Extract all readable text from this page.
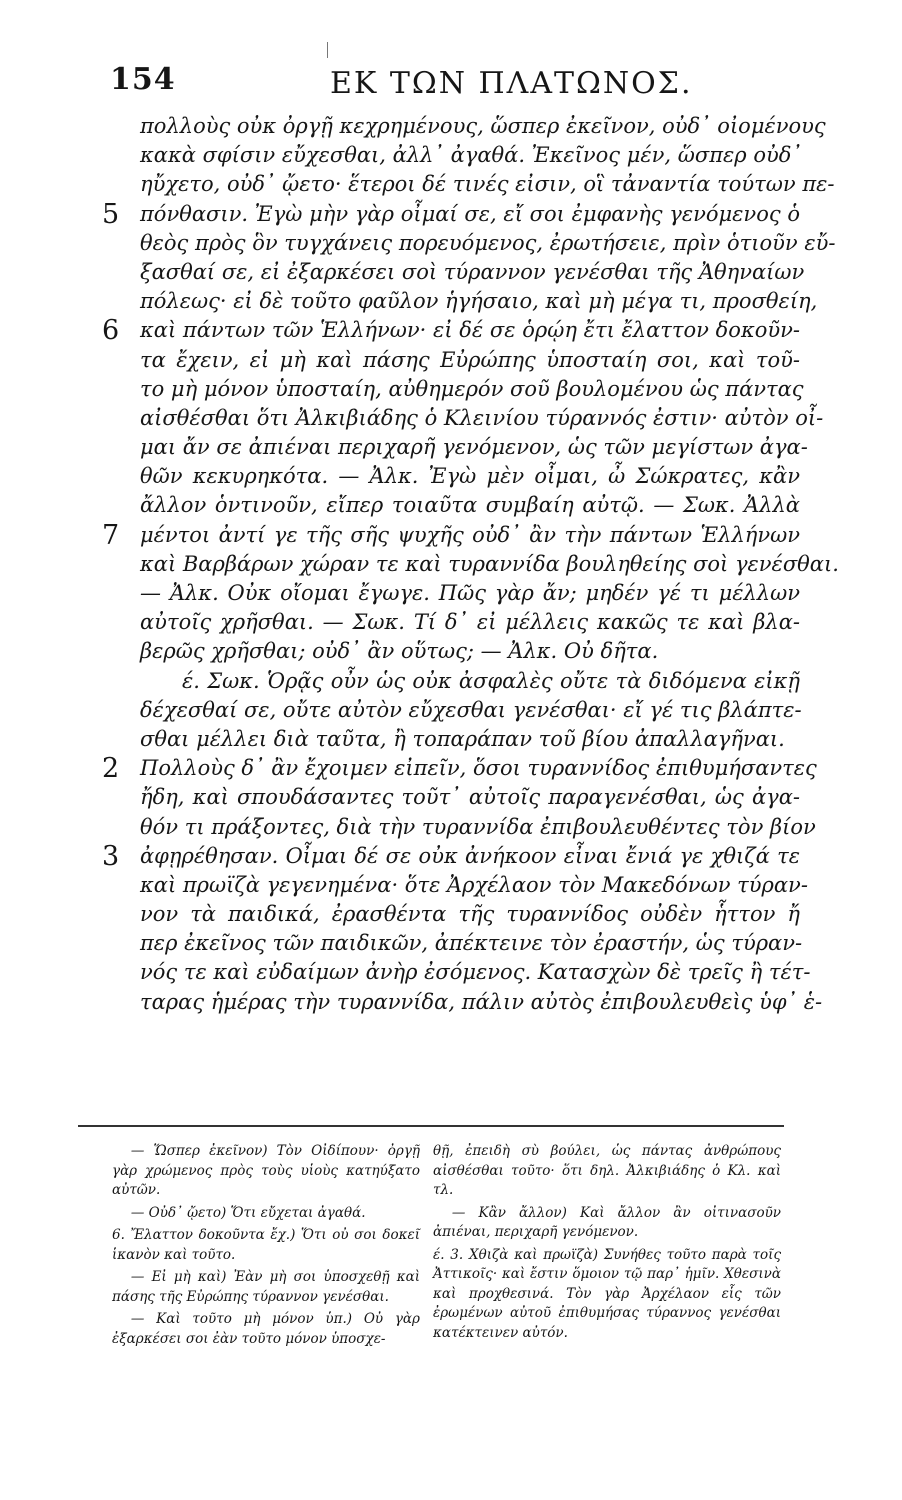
154	ΕΚ ΤΩΝ ΠΛΑΤΩΝΟΣ.
πολλοὺς οὐκ ὀργῇ κεχρημένους, ὥσπερ ἐκεῖνον, οὐδ᾽ οἰομένους
κακὰ σφίσιν εὔχεσθαι, ἀλλ᾽ ἀγαθά. Ἐκεῖνος μέν, ὥσπερ οὐδ᾽
ηὔχετο, οὐδ᾽ ᾤετο· ἕτεροι δέ τινές εἰσιν, οἳ τἀναντία τούτων πε-
5 πόνθασιν. Ἐγὼ μὴν γὰρ οἶμαί σε, εἴ σοι ἐμφανὴς γενόμενος ὁ
θεὸς πρὸς ὃν τυγχάνεις πορευόμενος, ἐρωτήσειε, πρὶν ὁτιοῦν εὔ-
ξασθαί σε, εἰ ἐξαρκέσει σοὶ τύραννον γενέσθαι τῆς Ἀθηναίων
πόλεως· εἰ δὲ τοῦτο φαῦλον ἡγήσαιο, καὶ μὴ μέγα τι, προσθείη,
6 καὶ πάντων τῶν Ἑλλήνων· εἰ δέ σε ὁρῴη ἔτι ἔλαττον δοκοῦν-
τα ἔχειν, εἰ μὴ καὶ πάσης Εὐρώπης ὑποσταίη σοι, καὶ τοῦ-
το μὴ μόνον ὑποσταίη, αὐθημερόν σοῦ βουλομένου ὡς πάντας
αἰσθέσθαι ὅτι Ἀλκιβιάδης ὁ Κλεινίου τύραννός ἐστιν· αὐτὸν οἶ-
μαι ἄν σε ἀπιέναι περιχαρῆ γενόμενον, ὡς τῶν μεγίστων ἀγα-
θῶν κεκυρηκότα. — Ἀλκ. Ἐγὼ μὲν οἶμαι, ὦ Σώκρατες, κἂν
ἄλλον ὁντινοῦν, εἴπερ τοιαῦτα συμβαίη αὐτῷ. — Σωκ. Ἀλλὰ
7 μέντοι ἀντί γε τῆς σῆς ψυχῆς οὐδ᾽ ἂν τὴν πάντων Ἑλλήνων
καὶ Βαρβάρων χώραν τε καὶ τυραννίδα βουληθείης σοὶ γενέσθαι.
— Ἀλκ. Οὐκ οἴομαι ἔγωγε. Πῶς γὰρ ἄν; μηδέν γέ τι μέλλων
αὐτοῖς χρῆσθαι. — Σωκ. Τί δ᾽ εἰ μέλλεις κακῶς τε καὶ βλα-
βερῶς χρῆσθαι; οὐδ᾽ ἂν οὕτως; — Ἀλκ. Οὐ δῆτα.
έ. Σωκ. Ὁρᾷς οὖν ὡς οὐκ ἀσφαλὲς οὔτε τὰ διδόμενα εἰκῇ
δέχεσθαί σε, οὔτε αὐτὸν εὔχεσθαι γενέσθαι· εἴ γέ τις βλάπτε-
σθαι μέλλει διὰ ταῦτα, ἢ τοπαράπαν τοῦ βίου ἀπαλλαγῆναι.
2 Πολλοὺς δ᾽ ἂν ἔχοιμεν εἰπεῖν, ὅσοι τυραννίδος ἐπιθυμήσαντες
ἤδη, καὶ σπουδάσαντες τοῦτ᾽ αὐτοῖς παραγενέσθαι, ὡς ἀγα-
θόν τι πράξοντες, διὰ τὴν τυραννίδα ἐπιβουλευθέντες τὸν βίον
3 ἀφῃρέθησαν. Οἶμαι δέ σε οὐκ ἀνήκοον εἶναι ἔνιά γε χθιζά τε
καὶ πρωϊζὰ γεγενημένα· ὅτε Ἀρχέλαον τὸν Μακεδόνων τύραν-
νον τὰ παιδικά, ἐρασθέντα τῆς τυραννίδος οὐδὲν ἧττον ἤ
περ ἐκεῖνος τῶν παιδικῶν, ἀπέκτεινε τὸν ἐραστήν, ὡς τύραν-
νός τε καὶ εὐδαίμων ἀνὴρ ἐσόμενος. Κατασχὼν δὲ τρεῖς ἢ τέτ-
ταρας ἡμέρας τὴν τυραννίδα, πάλιν αὐτὸς ἐπιβουλευθεὶς ὑφ᾽ ἑ-

— Ὥσπερ ἐκεῖνον) Τὸν Οἰδίπουν· ὀργῇ γὰρ χρώμενος πρὸς τοὺς υἱοὺς κατηύξατο αὐτῶν.

— Οὐδ᾽ ᾤετο) Ὅτι εὔχεται ἀγαθά.

6. Ἔλαττον δοκοῦντα ἔχ.) Ὅτι οὐ σοι δοκεῖ ἱκανὸν καὶ τοῦτο.

— Εἰ μὴ καὶ) Ἐὰν μὴ σοι ὑποσχεθῇ καὶ πάσης τῆς Εὐρώπης τύραννον γενέσθαι.

— Καὶ τοῦτο μὴ μόνον ὑπ.) Οὐ γὰρ ἐξαρκέσει σοι ἐὰν τοῦτο μόνον ὑποσχε-

θῇ, ἐπειδὴ σὺ βούλει, ὡς πάντας ἀνθρώπους αἰσθέσθαι τοῦτο· ὅτι δηλ. Ἀλκιβιάδης ὁ Κλ. καὶ τλ.

— Κἂν ἄλλον) Καὶ ἄλλον ἂν οἰτινασοῦν ἀπιέναι, περιχαρῆ γενόμενον.

έ. 3. Χθιζὰ καὶ πρωϊζὰ) Συνήθες τοῦτο παρὰ τοῖς Ἀττικοῖς· καὶ ἔστιν ὅμοιον τῷ παρ᾽ ἡμῖν. Χθεσινὰ καὶ προχθεσινά. Τὸν γὰρ Ἀρχέλαον εἷς τῶν ἐρωμένων αὐτοῦ ἐπιθυμήσας τύραννος γενέσθαι κατέκτεινεν αὐτόν.
